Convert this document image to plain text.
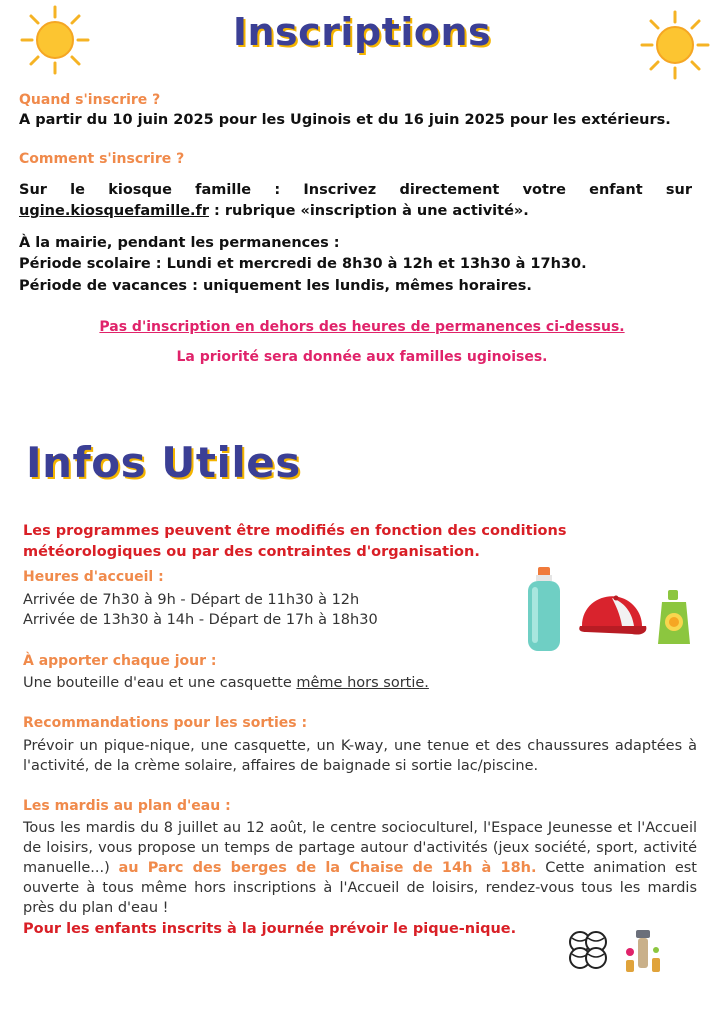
Inscriptions
Quand s'inscrire ?
A partir du 10 juin 2025 pour les Uginois et du 16 juin 2025 pour les extérieurs.
Comment s'inscrire ?
Sur le kiosque famille : Inscrivez directement votre enfant sur
ugine.kiosquefamille.fr : rubrique «inscription à une activité».
À la mairie, pendant les permanences :
Période scolaire : Lundi et mercredi de 8h30 à 12h et 13h30 à 17h30.
Période de vacances : uniquement les lundis, mêmes horaires.
Pas d'inscription en dehors des heures de permanences ci-dessus.
La priorité sera donnée aux familles uginoises.
Infos Utiles
Les programmes peuvent être modifiés en fonction des conditions météorologiques ou par des contraintes d'organisation.
Heures d'accueil :
Arrivée de 7h30 à 9h - Départ de 11h30 à 12h
Arrivée de 13h30 à 14h - Départ de 17h à 18h30
À apporter chaque jour :
Une bouteille d'eau et une casquette même hors sortie.
Recommandations pour les sorties :
Prévoir un pique-nique, une casquette, un K-way, une tenue et des chaussures adaptées à l'activité, de la crème solaire, affaires de baignade si sortie lac/piscine.
Les mardis au plan d'eau :
Tous les mardis du 8 juillet au 12 août, le centre socioculturel, l'Espace Jeunesse et l'Accueil de loisirs, vous propose un temps de partage autour d'activités (jeux société, sport, activité manuelle...) au Parc des berges de la Chaise de 14h à 18h. Cette animation est ouverte à tous même hors inscriptions à l'Accueil de loisirs, rendez-vous tous les mardis près du plan d'eau !
Pour les enfants inscrits à la journée prévoir le pique-nique.
